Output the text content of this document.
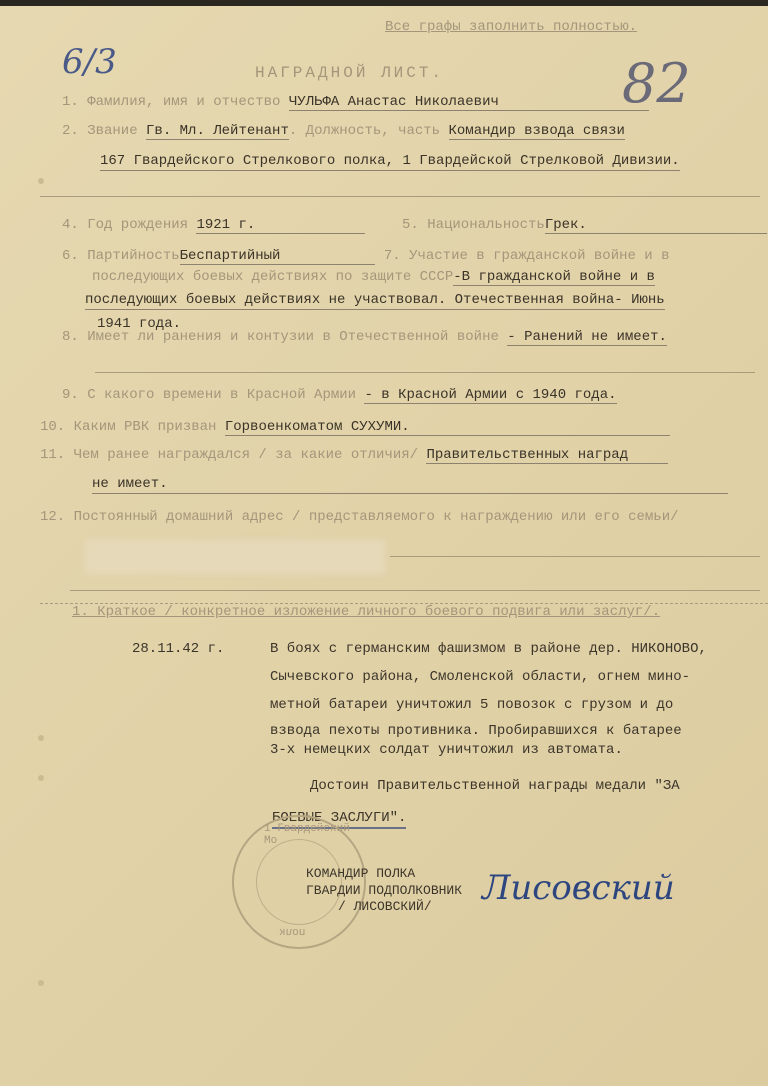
Все графы заполнить полностью.
6/3	82
НАГРАДНОЙ ЛИСТ.
1. Фамилия, имя и отчество ЧУЛЬФА Анастас Николаевич
2. Звание Гв. Мл. Лейтенант. Должность, часть Командир взвода связи
167 Гвардейского Стрелкового полка, 1 Гвардейской Стрелковой Дивизии.
4. Год рождения 1921 г.	5. НациональностьГрек.
6. ПартийностьБеспартийный	7. Участие в гражданской войне и в
последующих боевых действиях по защите СССР-В гражданской войне и в
последующих боевых действиях не участвовал. Отечественная война- Июнь
1941 года.
8. Имеет ли ранения и контузии в Отечественной войне - Ранений не имеет.
9. С какого времени в Красной Армии - в Красной Армии с 1940 года.
10. Каким РВК призван Горвоенкоматом СУХУМИ.
11. Чем ранее награждался / за какие отличия/ Правительственных наград
не имеет.
12. Постоянный домашний адрес / представляемого к награждению или его семьи/
1. Краткое / конкретное изложение личного боевого подвига или заслуг/.
28.11.42 г.	В боях с германским фашизмом в районе дер. НИКОНОВО,
Сычевского района, Смоленской области, огнем мино-
метной батареи уничтожил 5 повозок с грузом и до
взвода пехоты противника. Пробиравшихся к батарее
3-х немецких солдат уничтожил из автомата.
Достоин Правительственной награды медали "ЗА
БОЕВЫЕ ЗАСЛУГИ".
1 Гвардейский Мо
полк
КОМАНДИР ПОЛКА
ГВАРДИИ ПОДПОЛКОВНИК
/ ЛИСОВСКИЙ/ Лисовский
